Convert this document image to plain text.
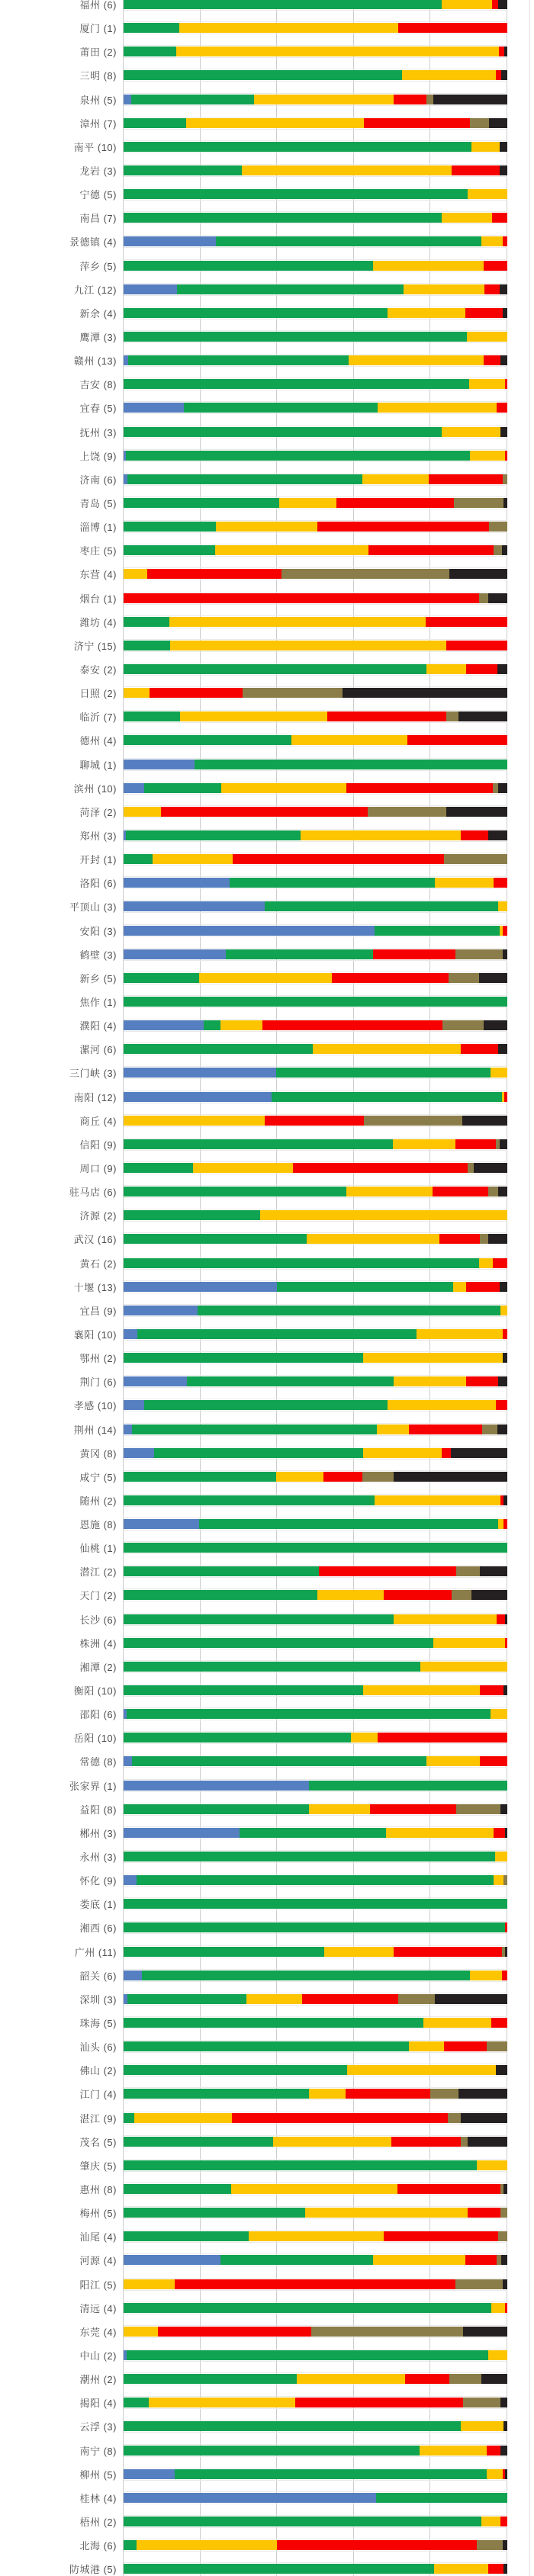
福州 (6)
厦门 (1)
莆田 (2)
三明 (8)
泉州 (5)
漳州 (7)
南平 (10)
龙岩 (3)
宁德 (5)
南昌 (7)
景德镇 (4)
萍乡 (5)
九江 (12)
新余 (4)
鹰潭 (3)
赣州 (13)
吉安 (8)
宜春 (5)
抚州 (3)
上饶 (9)
济南 (6)
青岛 (5)
淄博 (1)
枣庄 (5)
东营 (4)
烟台 (1)
潍坊 (4)
济宁 (15)
泰安 (2)
日照 (2)
临沂 (7)
德州 (4)
聊城 (1)
滨州 (10)
菏泽 (2)
郑州 (3)
开封 (1)
洛阳 (6)
平顶山 (3)
安阳 (3)
鹤壁 (3)
新乡 (5)
焦作 (1)
濮阳 (4)
漯河 (6)
三门峡 (3)
南阳 (12)
商丘 (4)
信阳 (9)
周口 (9)
驻马店 (6)
济源 (2)
武汉 (16)
黄石 (2)
十堰 (13)
宜昌 (9)
襄阳 (10)
鄂州 (2)
荆门 (6)
孝感 (10)
荆州 (14)
黄冈 (8)
咸宁 (5)
随州 (2)
恩施 (8)
仙桃 (1)
潜江 (2)
天门 (2)
长沙 (6)
株洲 (4)
湘潭 (2)
衡阳 (10)
邵阳 (6)
岳阳 (10)
常德 (8)
张家界 (1)
益阳 (8)
郴州 (3)
永州 (3)
怀化 (9)
娄底 (1)
湘西 (6)
广州 (11)
韶关 (6)
深圳 (3)
珠海 (5)
汕头 (6)
佛山 (2)
江门 (4)
湛江 (9)
茂名 (5)
肇庆 (5)
惠州 (8)
梅州 (5)
汕尾 (4)
河源 (4)
阳江 (5)
清远 (4)
东莞 (4)
中山 (2)
潮州 (2)
揭阳 (4)
云浮 (3)
南宁 (8)
柳州 (5)
桂林 (4)
梧州 (2)
北海 (6)
防城港 (5)
